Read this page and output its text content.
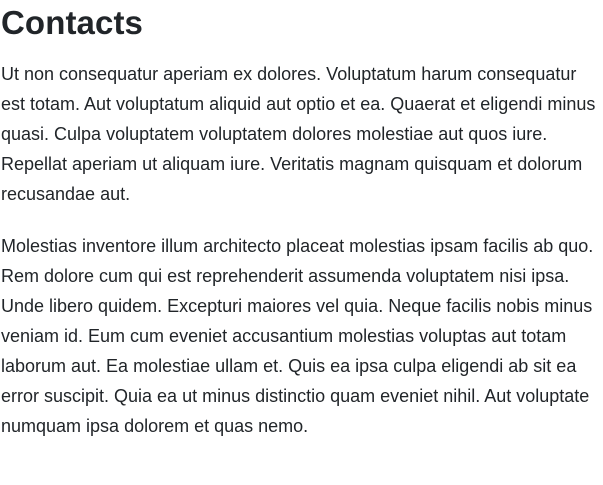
Contacts

Ut non consequatur aperiam ex dolores. Voluptatum harum consequatur est totam. Aut voluptatum aliquid aut optio et ea. Quaerat et eligendi minus quasi. Culpa voluptatem voluptatem dolores molestiae aut quos iure. Repellat aperiam ut aliquam iure. Veritatis magnam quisquam et dolorum recusandae aut.

Molestias inventore illum architecto placeat molestias ipsam facilis ab quo. Rem dolore cum qui est reprehenderit assumenda voluptatem nisi ipsa. Unde libero quidem. Excepturi maiores vel quia. Neque facilis nobis minus veniam id. Eum cum eveniet accusantium molestias voluptas aut totam laborum aut. Ea molestiae ullam et. Quis ea ipsa culpa eligendi ab sit ea error suscipit. Quia ea ut minus distinctio quam eveniet nihil. Aut voluptate numquam ipsa dolorem et quas nemo.
